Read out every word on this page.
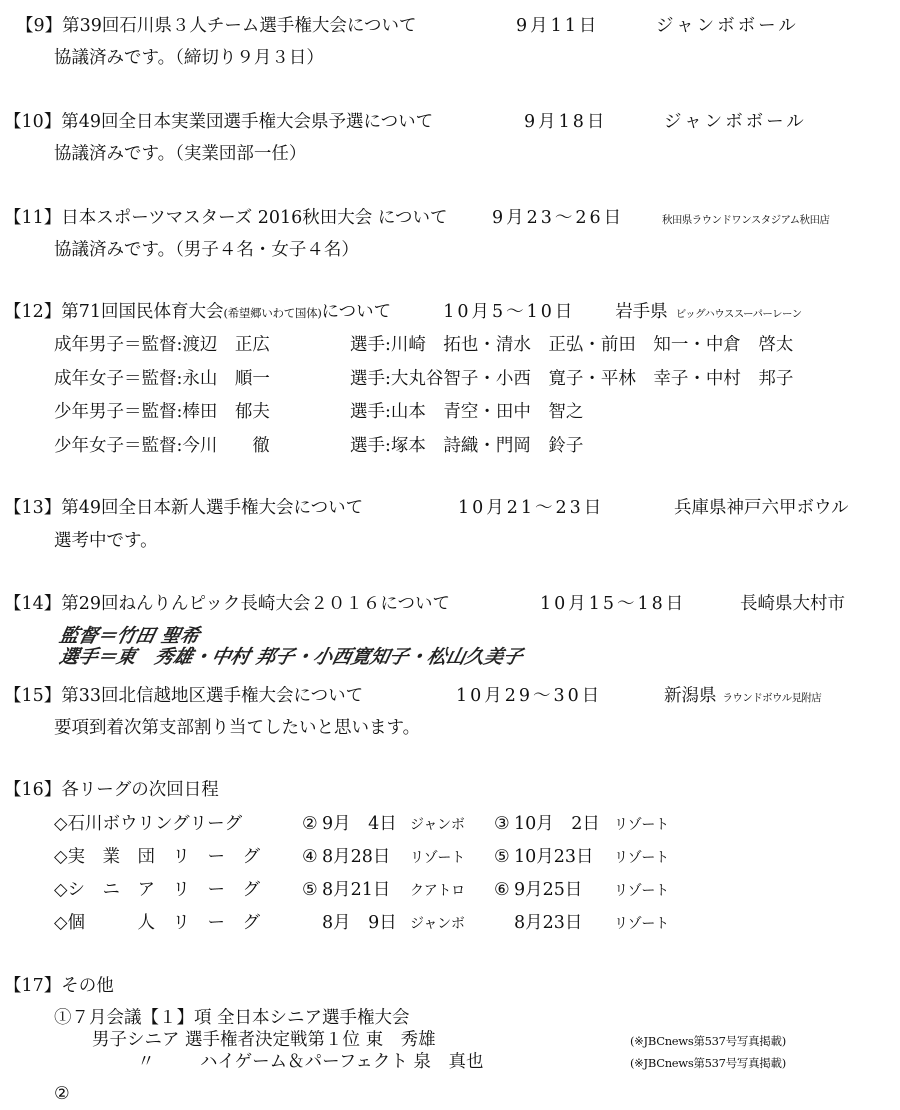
【9】第39回石川県３人チーム選手権大会について	9月11日	ジャンボボール
協議済みです。（締切り９月３日）
【10】第49回全日本実業団選手権大会県予選について	9月18日	ジャンボボール
協議済みです。（実業団部一任）
【11】日本スポーツマスターズ 2016秋田大会 について	9月23～26日	秋田県ラウンドワンスタジアム秋田店
協議済みです。（男子４名・女子４名）
【12】第71回国民体育大会(希望郷いわて国体)について	10月5～10日 岩手県 ビッグハウススーパーレーン
成年男子＝監督:渡辺　正広	選手:川崎　拓也・清水　正弘・前田　知一・中倉　啓太
成年女子＝監督:永山　順一	選手:大丸谷智子・小西　寛子・平林　幸子・中村　邦子
少年男子＝監督:棒田　郁夫	選手:山本　青空・田中　智之
少年女子＝監督:今川　　徹	選手:塚本　詩織・門岡　鈴子
【13】第49回全日本新人選手権大会について	10月21～23日	兵庫県神戸六甲ボウル
選考中です。
【14】第29回ねんりんピック長崎大会２０１６について	10月15～18日	長崎県大村市
監督＝竹田 聖希
選手＝東　秀雄・中村 邦子・小西寛知子・松山久美子
【15】第33回北信越地区選手権大会について	10月29～30日	新潟県 ラウンドボウル見附店
要項到着次第支部割り当てしたいと思います。
【16】各リーグの次回日程
◇石川ボウリングリーグ	② 9月　4日 ジャンボ ③ 10月　2日 リゾート
◇実　業　団　リ　ー　グ ④ 8月28日 リゾート ⑤ 10月23日 リゾート
◇シ　ニ　ア　リ　ー　グ ⑤ 8月21日 クアトロ ⑥ 9月25日 リゾート
◇個　　　人　リ　ー　グ	8月　9日 ジャンボ	8月23日 リゾート
【17】その他
①７月会議【１】項 全日本シニア選手権大会
男子シニア 選手権者決定戦第１位 東　秀雄	(※JBCnews第537号写真掲載)
〃	ハイゲーム＆パーフェクト 泉　真也	(※JBCnews第537号写真掲載)
②
